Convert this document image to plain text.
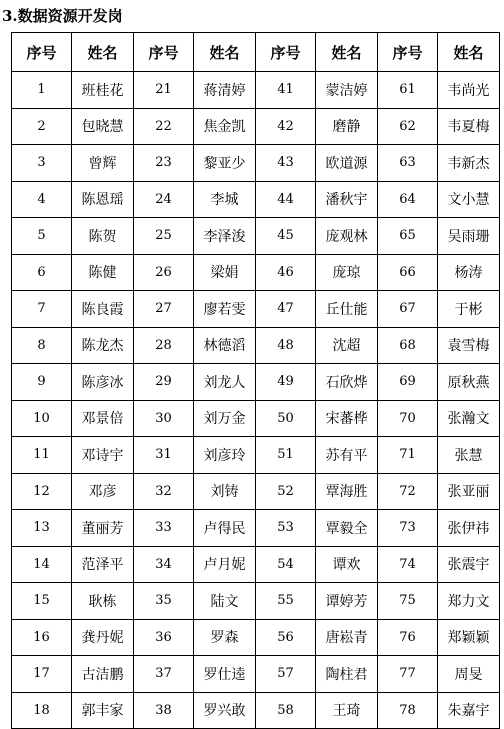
3.数据资源开发岗
序号	姓名	序号	姓名	序号	姓名	序号	姓名
1	班桂花	21	蒋清婷	41	蒙洁婷	61	韦尚光
2	包晓慧	22	焦金凯	42	磨静	62	韦夏梅
3	曾辉	23	黎亚少	43	欧道源	63	韦新杰
4	陈恩瑶	24	李城	44	潘秋宇	64	文小慧
5	陈贺	25	李泽浚	45	庞观林	65	吴雨珊
6	陈健	26	梁娟	46	庞琼	66	杨涛
7	陈良霞	27	廖若雯	47	丘仕能	67	于彬
8	陈龙杰	28	林德滔	48	沈超	68	袁雪梅
9	陈彦冰	29	刘龙人	49	石欣烨	69	原秋燕
10	邓景倍	30	刘万金	50	宋蕃桦	70	张瀚文
11	邓诗宇	31	刘彦玲	51	苏有平	71	张慧
12	邓彦	32	刘铸	52	覃海胜	72	张亚丽
13	董丽芳	33	卢得民	53	覃毅全	73	张伊祎
14	范泽平	34	卢月妮	54	谭欢	74	张震宇
15	耿栋	35	陆文	55	谭婷芳	75	郑力文
16	龚丹妮	36	罗森	56	唐崧青	76	郑颖颖
17	古洁鹏	37	罗仕逵	57	陶柱君	77	周旻
18	郭丰家	38	罗兴敢	58	王琦	78	朱嘉宇
